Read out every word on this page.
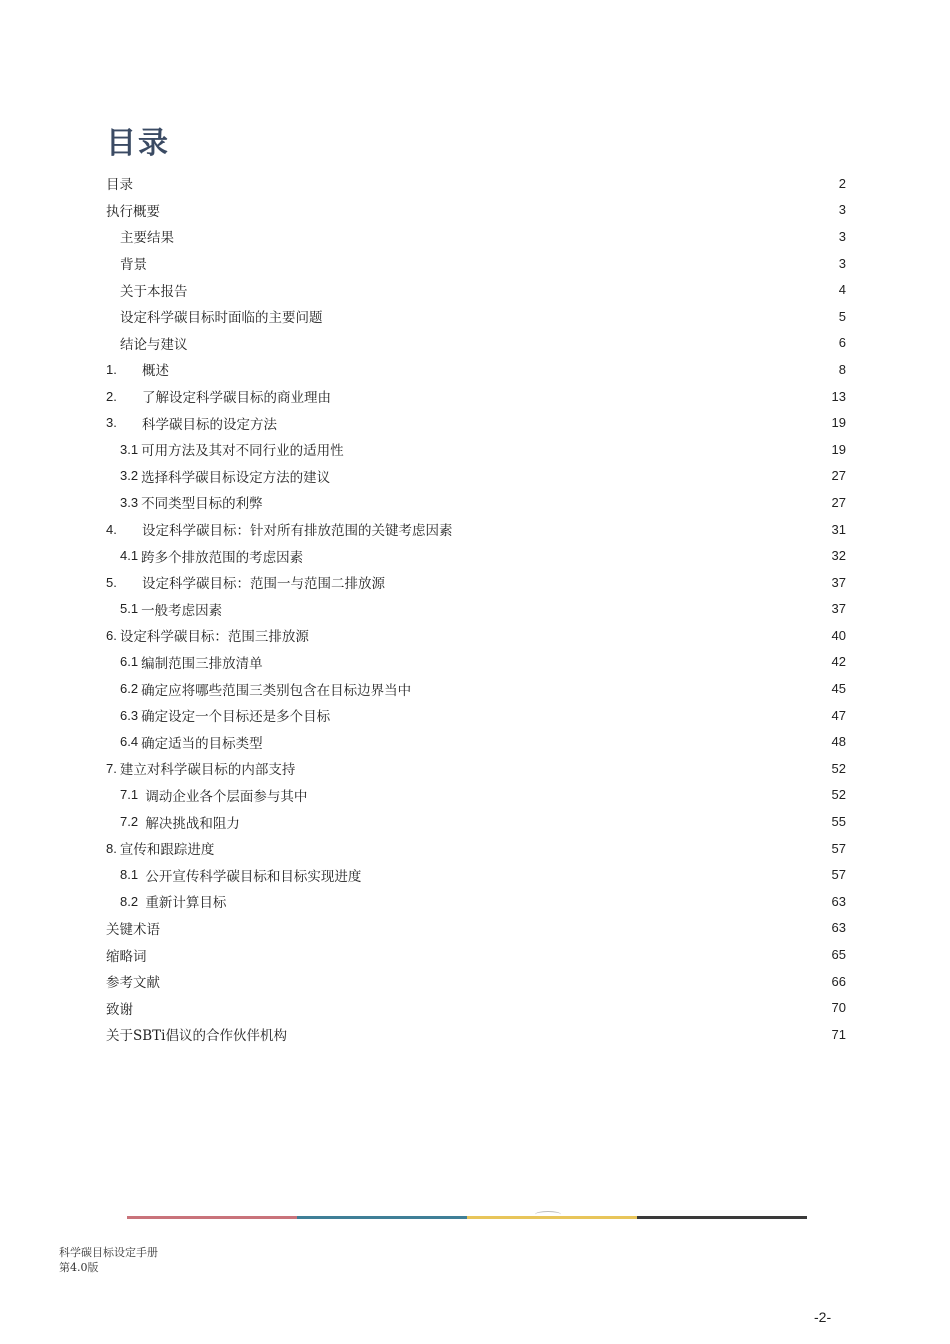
目录
目录	2
执行概要	3
主要结果	3
背景	3
关于本报告	4
设定科学碳目标时面临的主要问题	5
结论与建议	6
1.	概述	8
2.	了解设定科学碳目标的商业理由	13
3.	科学碳目标的设定方法	19
3.1 可用方法及其对不同行业的适用性	19
3.2 选择科学碳目标设定方法的建议	27
3.3 不同类型目标的利弊	27
4.	设定科学碳目标：针对所有排放范围的关键考虑因素	31
4.1 跨多个排放范围的考虑因素	32
5.	设定科学碳目标：范围一与范围二排放源	37
5.1 一般考虑因素	37
6. 设定科学碳目标：范围三排放源	40
6.1 编制范围三排放清单	42
6.2 确定应将哪些范围三类别包含在目标边界当中	45
6.3 确定设定一个目标还是多个目标	47
6.4 确定适当的目标类型	48
7. 建立对科学碳目标的内部支持	52
7.1 调动企业各个层面参与其中	52
7.2 解决挑战和阻力	55
8. 宣传和跟踪进度	57
8.1 公开宣传科学碳目标和目标实现进度	57
8.2 重新计算目标	63
关键术语	63
缩略词	65
参考文献	66
致谢	70
关于SBTi倡议的合作伙伴机构	71
科学碳目标设定手册
第4.0版
-2-
